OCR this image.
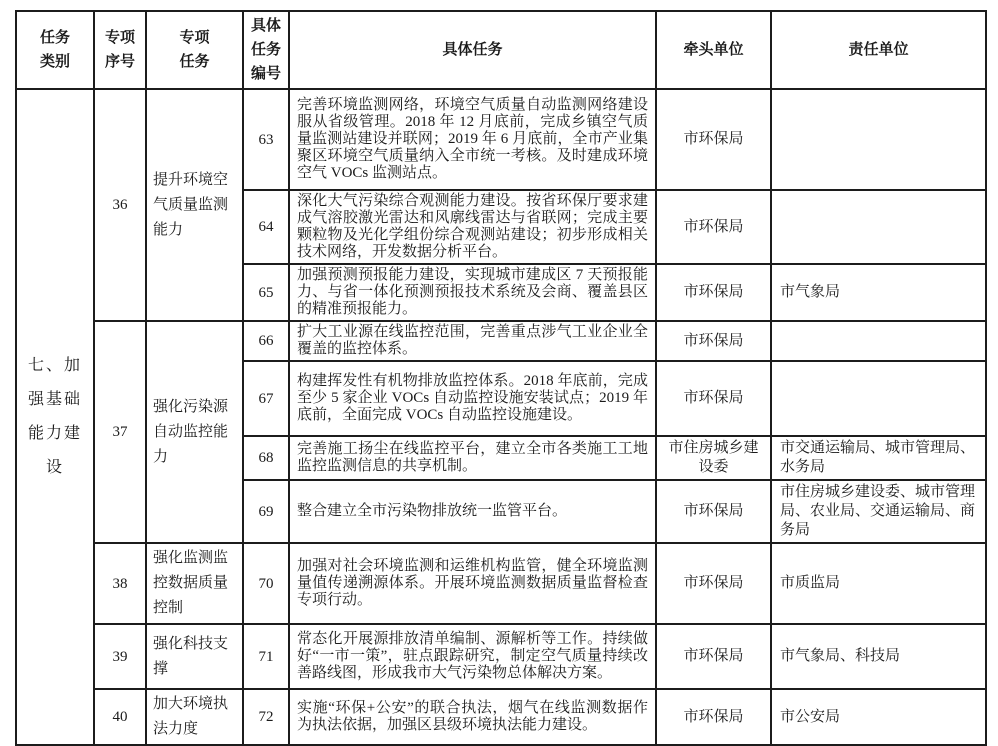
任务
类别	专项
序号	专项
任务	具体
任务
编号	具体任务	牵头单位	责任单位
七、加
强基础
能力建
设	36	提升环境空气质量监测能力	63	完善环境监测网络，环境空气质量自动监测网络建设服从省级管理。2018 年 12 月底前，完成乡镇空气质量监测站建设并联网；2019 年 6 月底前，全市产业集聚区环境空气质量纳入全市统一考核。及时建成环境空气 VOCs 监测站点。	市环保局	
			64	深化大气污染综合观测能力建设。按省环保厅要求建成气溶胶激光雷达和风廓线雷达与省联网；完成主要颗粒物及光化学组份综合观测站建设；初步形成相关技术网络，开发数据分析平台。	市环保局	
			65	加强预测预报能力建设，实现城市建成区 7 天预报能力、与省一体化预测预报技术系统及会商、覆盖县区的精准预报能力。	市环保局	市气象局
	37	强化污染源自动监控能力	66	扩大工业源在线监控范围，完善重点涉气工业企业全覆盖的监控体系。	市环保局	
			67	构建挥发性有机物排放监控体系。2018 年底前，完成至少 5 家企业 VOCs 自动监控设施安装试点；2019 年底前，全面完成 VOCs 自动监控设施建设。	市环保局	
			68	完善施工扬尘在线监控平台，建立全市各类施工工地监控监测信息的共享机制。	市住房城乡建设委	市交通运输局、城市管理局、水务局
			69	整合建立全市污染物排放统一监管平台。	市环保局	市住房城乡建设委、城市管理局、农业局、交通运输局、商务局
	38	强化监测监控数据质量控制	70	加强对社会环境监测和运维机构监管，健全环境监测量值传递溯源体系。开展环境监测数据质量监督检查专项行动。	市环保局	市质监局
	39	强化科技支撑	71	常态化开展源排放清单编制、源解析等工作。持续做好“一市一策”，驻点跟踪研究，制定空气质量持续改善路线图，形成我市大气污染物总体解决方案。	市环保局	市气象局、科技局
	40	加大环境执法力度	72	实施“环保+公安”的联合执法，烟气在线监测数据作为执法依据，加强区县级环境执法能力建设。	市环保局	市公安局
